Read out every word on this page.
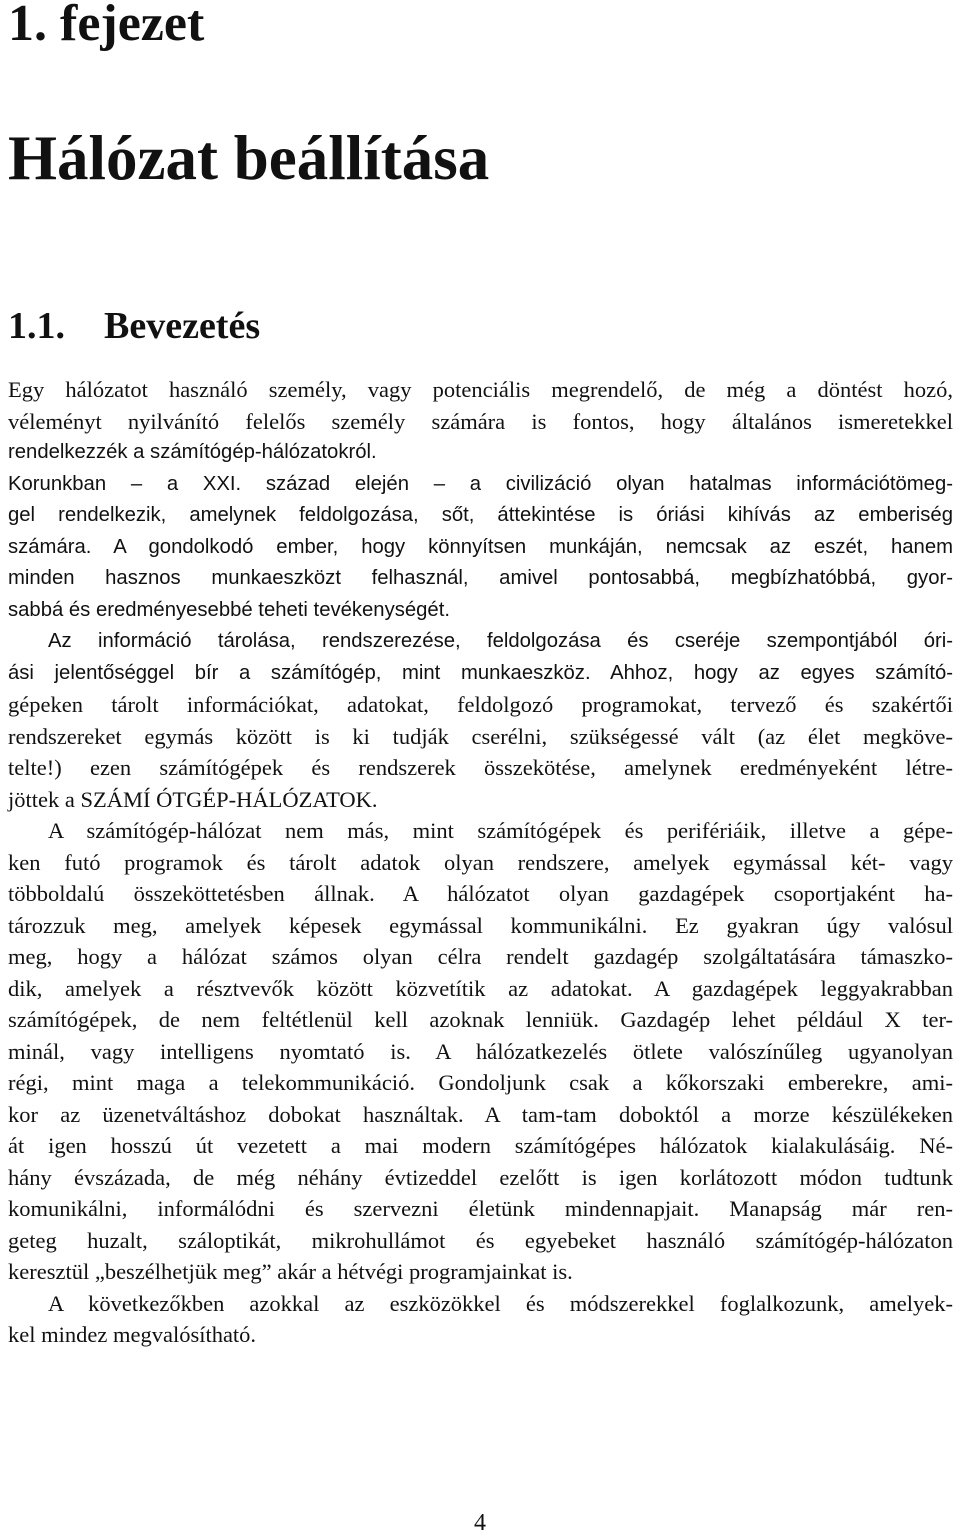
1. fejezet
Hálózat beállítása
1.1. Bevezetés
Egy hálózatot használó személy, vagy potenciális megrendelő, de még a döntést hozó,
véleményt nyilvánító felelős személy számára is fontos, hogy általános ismeretekkel
rendelkezzék a számítógép-hálózatokról.
Korunkban – a XXI. század elején – a civilizáció olyan hatalmas információtömeg-
gel rendelkezik, amelynek feldolgozása, sőt, áttekintése is óriási kihívás az emberiség
számára. A gondolkodó ember, hogy könnyítsen munkáján, nemcsak az eszét, hanem
minden hasznos munkaeszközt felhasznál, amivel pontosabbá, megbízhatóbbá, gyor-
sabbá és eredményesebbé teheti tevékenységét.
Az információ tárolása, rendszerezése, feldolgozása és cseréje szempontjából óri-
ási jelentőséggel bír a számítógép, mint munkaeszköz. Ahhoz, hogy az egyes számító-
gépeken tárolt információkat, adatokat, feldolgozó programokat, tervező és szakértői
rendszereket egymás között is ki tudják cserélni, szükségessé vált (az élet megköve-
telte!) ezen számítógépek és rendszerek összekötése, amelynek eredményeként létre-
jöttek a SZÁMÍ ÓTGÉP-HÁLÓZATOK.
A számítógép-hálózat nem más, mint számítógépek és perifériáik, illetve a gépe-
ken futó programok és tárolt adatok olyan rendszere, amelyek egymással két- vagy
többoldalú összeköttetésben állnak. A hálózatot olyan gazdagépek csoportjaként ha-
tározzuk meg, amelyek képesek egymással kommunikálni. Ez gyakran úgy valósul
meg, hogy a hálózat számos olyan célra rendelt gazdagép szolgáltatására támaszko-
dik, amelyek a résztvevők között közvetítik az adatokat. A gazdagépek leggyakrabban
számítógépek, de nem feltétlenül kell azoknak lenniük. Gazdagép lehet például X ter-
minál, vagy intelligens nyomtató is. A hálózatkezelés ötlete valószínűleg ugyanolyan
régi, mint maga a telekommunikáció. Gondoljunk csak a kőkorszaki emberekre, ami-
kor az üzenetváltáshoz dobokat használtak. A tam-tam doboktól a morze készülékeken
át igen hosszú út vezetett a mai modern számítógépes hálózatok kialakulásáig. Né-
hány évszázada, de még néhány évtizeddel ezelőtt is igen korlátozott módon tudtunk
komunikálni, informálódni és szervezni életünk mindennapjait. Manapság már ren-
geteg huzalt, száloptikát, mikrohullámot és egyebeket használó számítógép-hálózaton
keresztül „beszélhetjük meg” akár a hétvégi programjainkat is.
A következőkben azokkal az eszközökkel és módszerekkel foglalkozunk, amelyek-
kel mindez megvalósítható.
4
